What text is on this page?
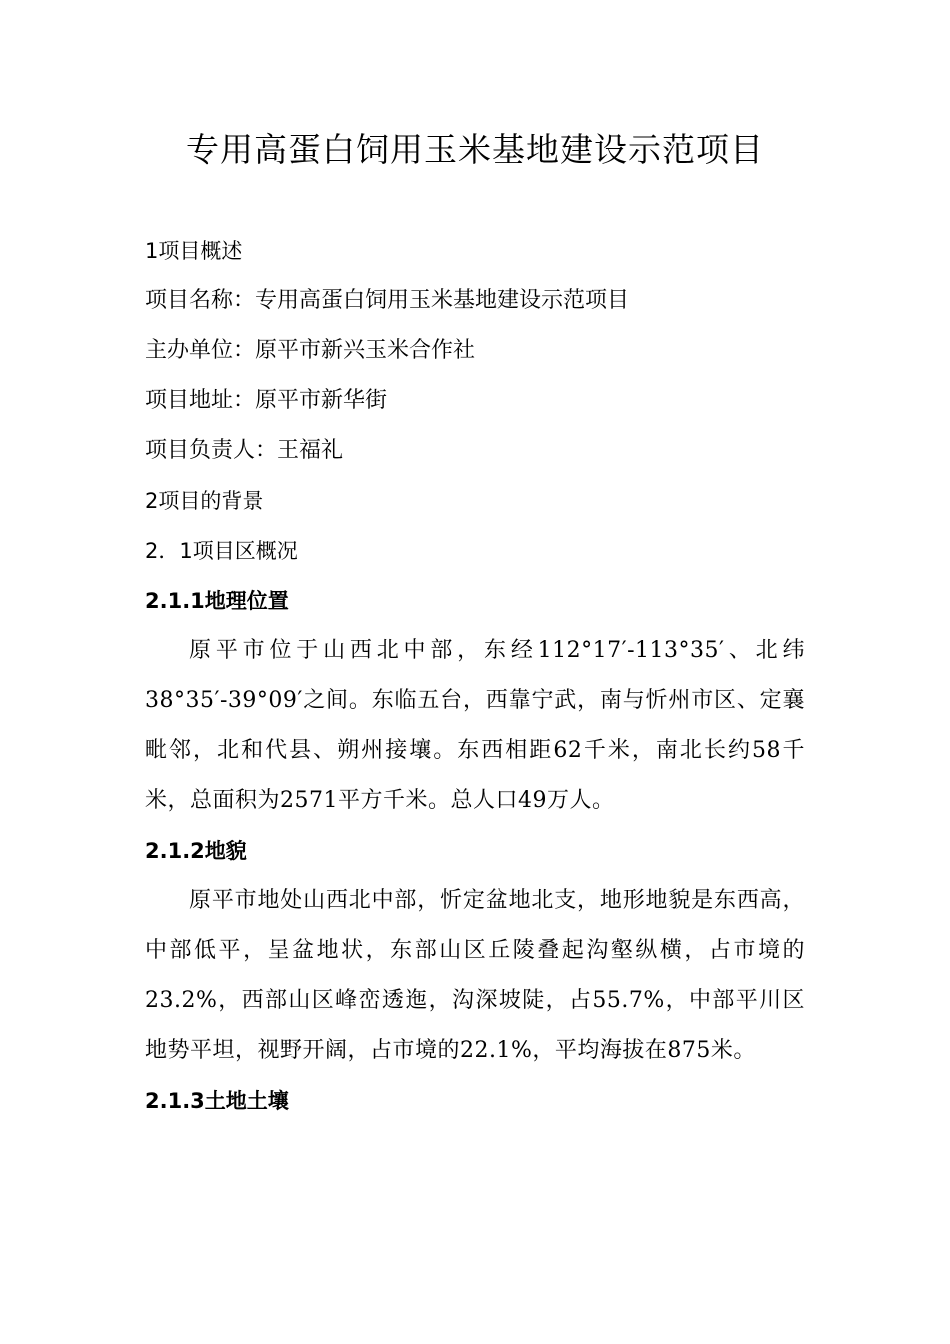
专用高蛋白饲用玉米基地建设示范项目

1项目概述

项目名称：专用高蛋白饲用玉米基地建设示范项目

主办单位：原平市新兴玉米合作社

项目地址：原平市新华街

项目负责人：王福礼

2项目的背景

2．1项目区概况

2.1.1地理位置

原平市位于山西北中部，东经112°17′-113°35′、北纬38°35′-39°09′之间。东临五台，西靠宁武，南与忻州市区、定襄毗邻，北和代县、朔州接壤。东西相距62千米，南北长约58千米，总面积为2571平方千米。总人口49万人。

2.1.2地貌

原平市地处山西北中部，忻定盆地北支，地形地貌是东西高，中部低平，呈盆地状，东部山区丘陵叠起沟壑纵横，占市境的23.2%，西部山区峰峦透迤，沟深坡陡，占55.7%，中部平川区地势平坦，视野开阔，占市境的22.1%，平均海拔在875米。

2.1.3土地土壤
